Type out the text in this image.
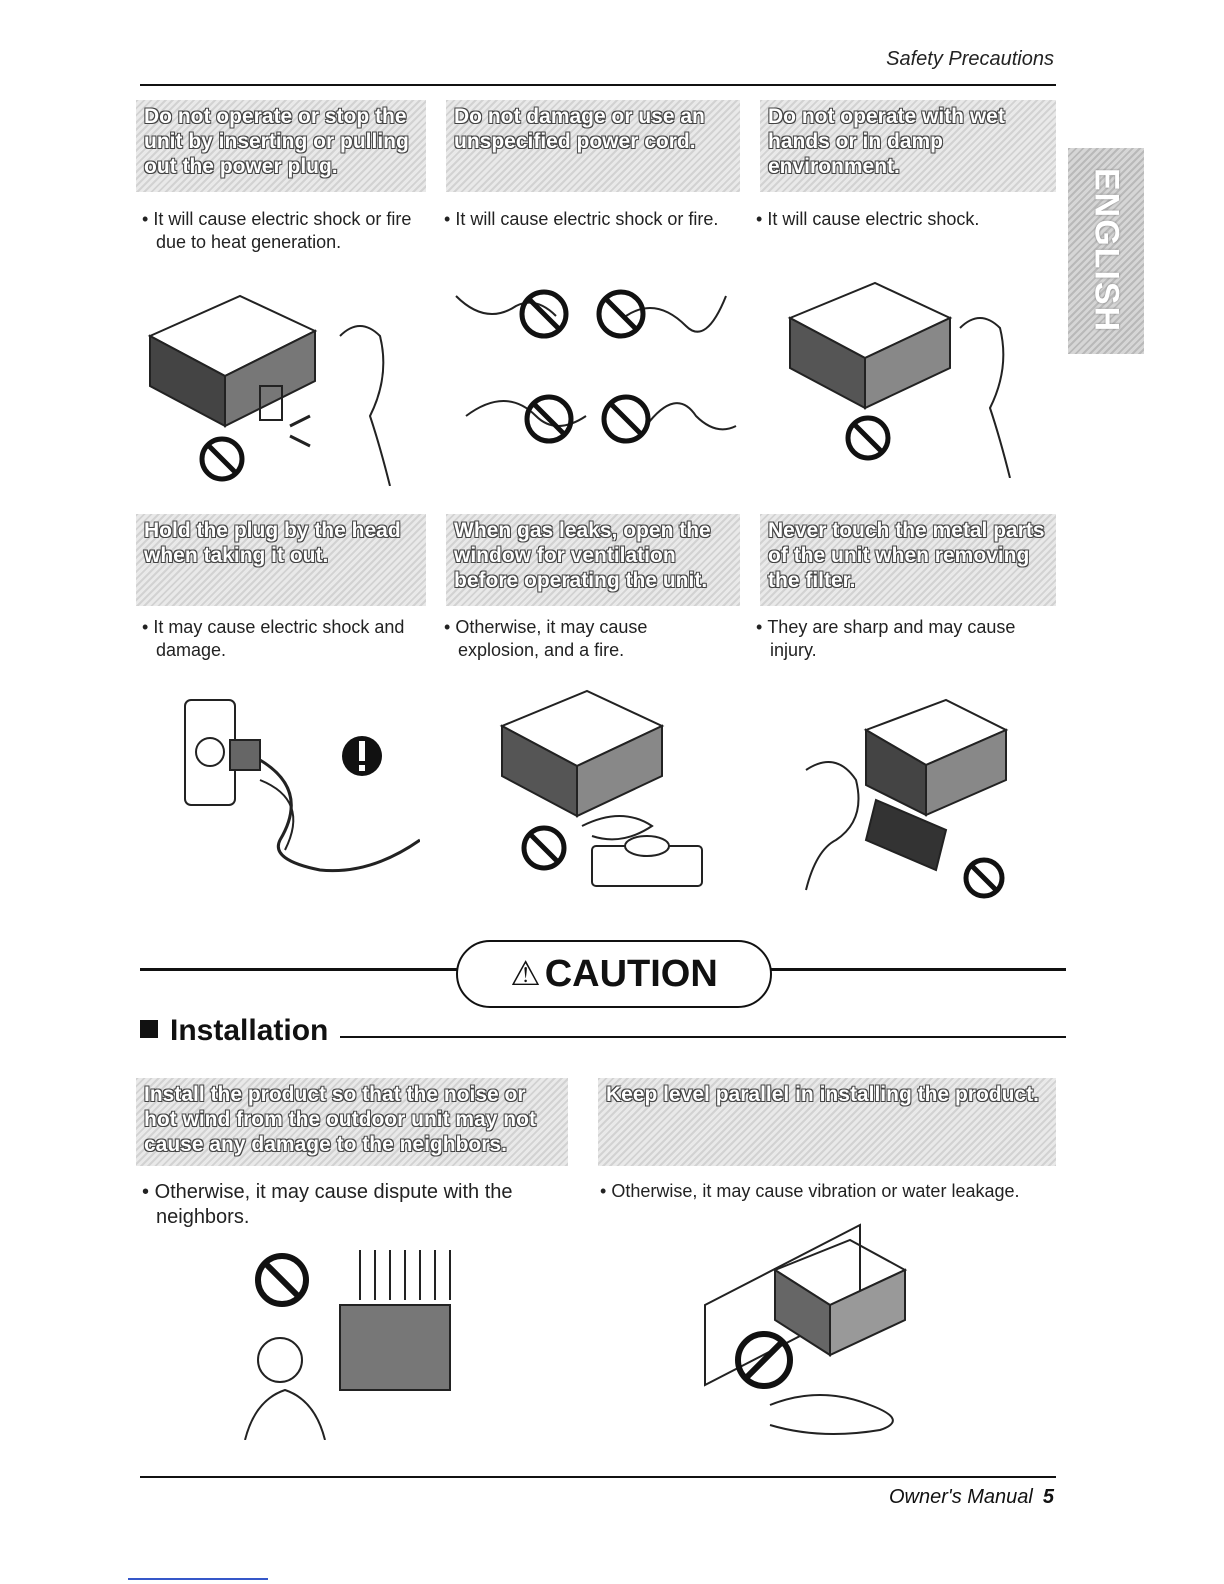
Safety Precautions
ENGLISH
Do not operate or stop the unit by inserting or pulling out the power plug.
Do not damage or use an unspecified power cord.
Do not operate with wet hands or in damp environment.
• It will cause electric shock or fire due to heat generation.
• It will cause electric shock or fire.
•	It will cause electric shock.
Hold the plug by the head when taking it out.
When gas leaks, open the window for ventilation before operating the unit.
Never touch the metal parts of the unit when removing the filter.
• It may cause electric shock and damage.
• Otherwise, it may cause explosion, and a fire.
• They are sharp and may cause injury.
⚠ CAUTION
Installation
Install the product so that the noise or hot wind from the outdoor unit may not cause any damage to the neighbors.
Keep level parallel in installing the product.
• Otherwise, it may cause dispute with the neighbors.
• Otherwise, it may cause vibration or water leakage.
Owner's Manual 5
